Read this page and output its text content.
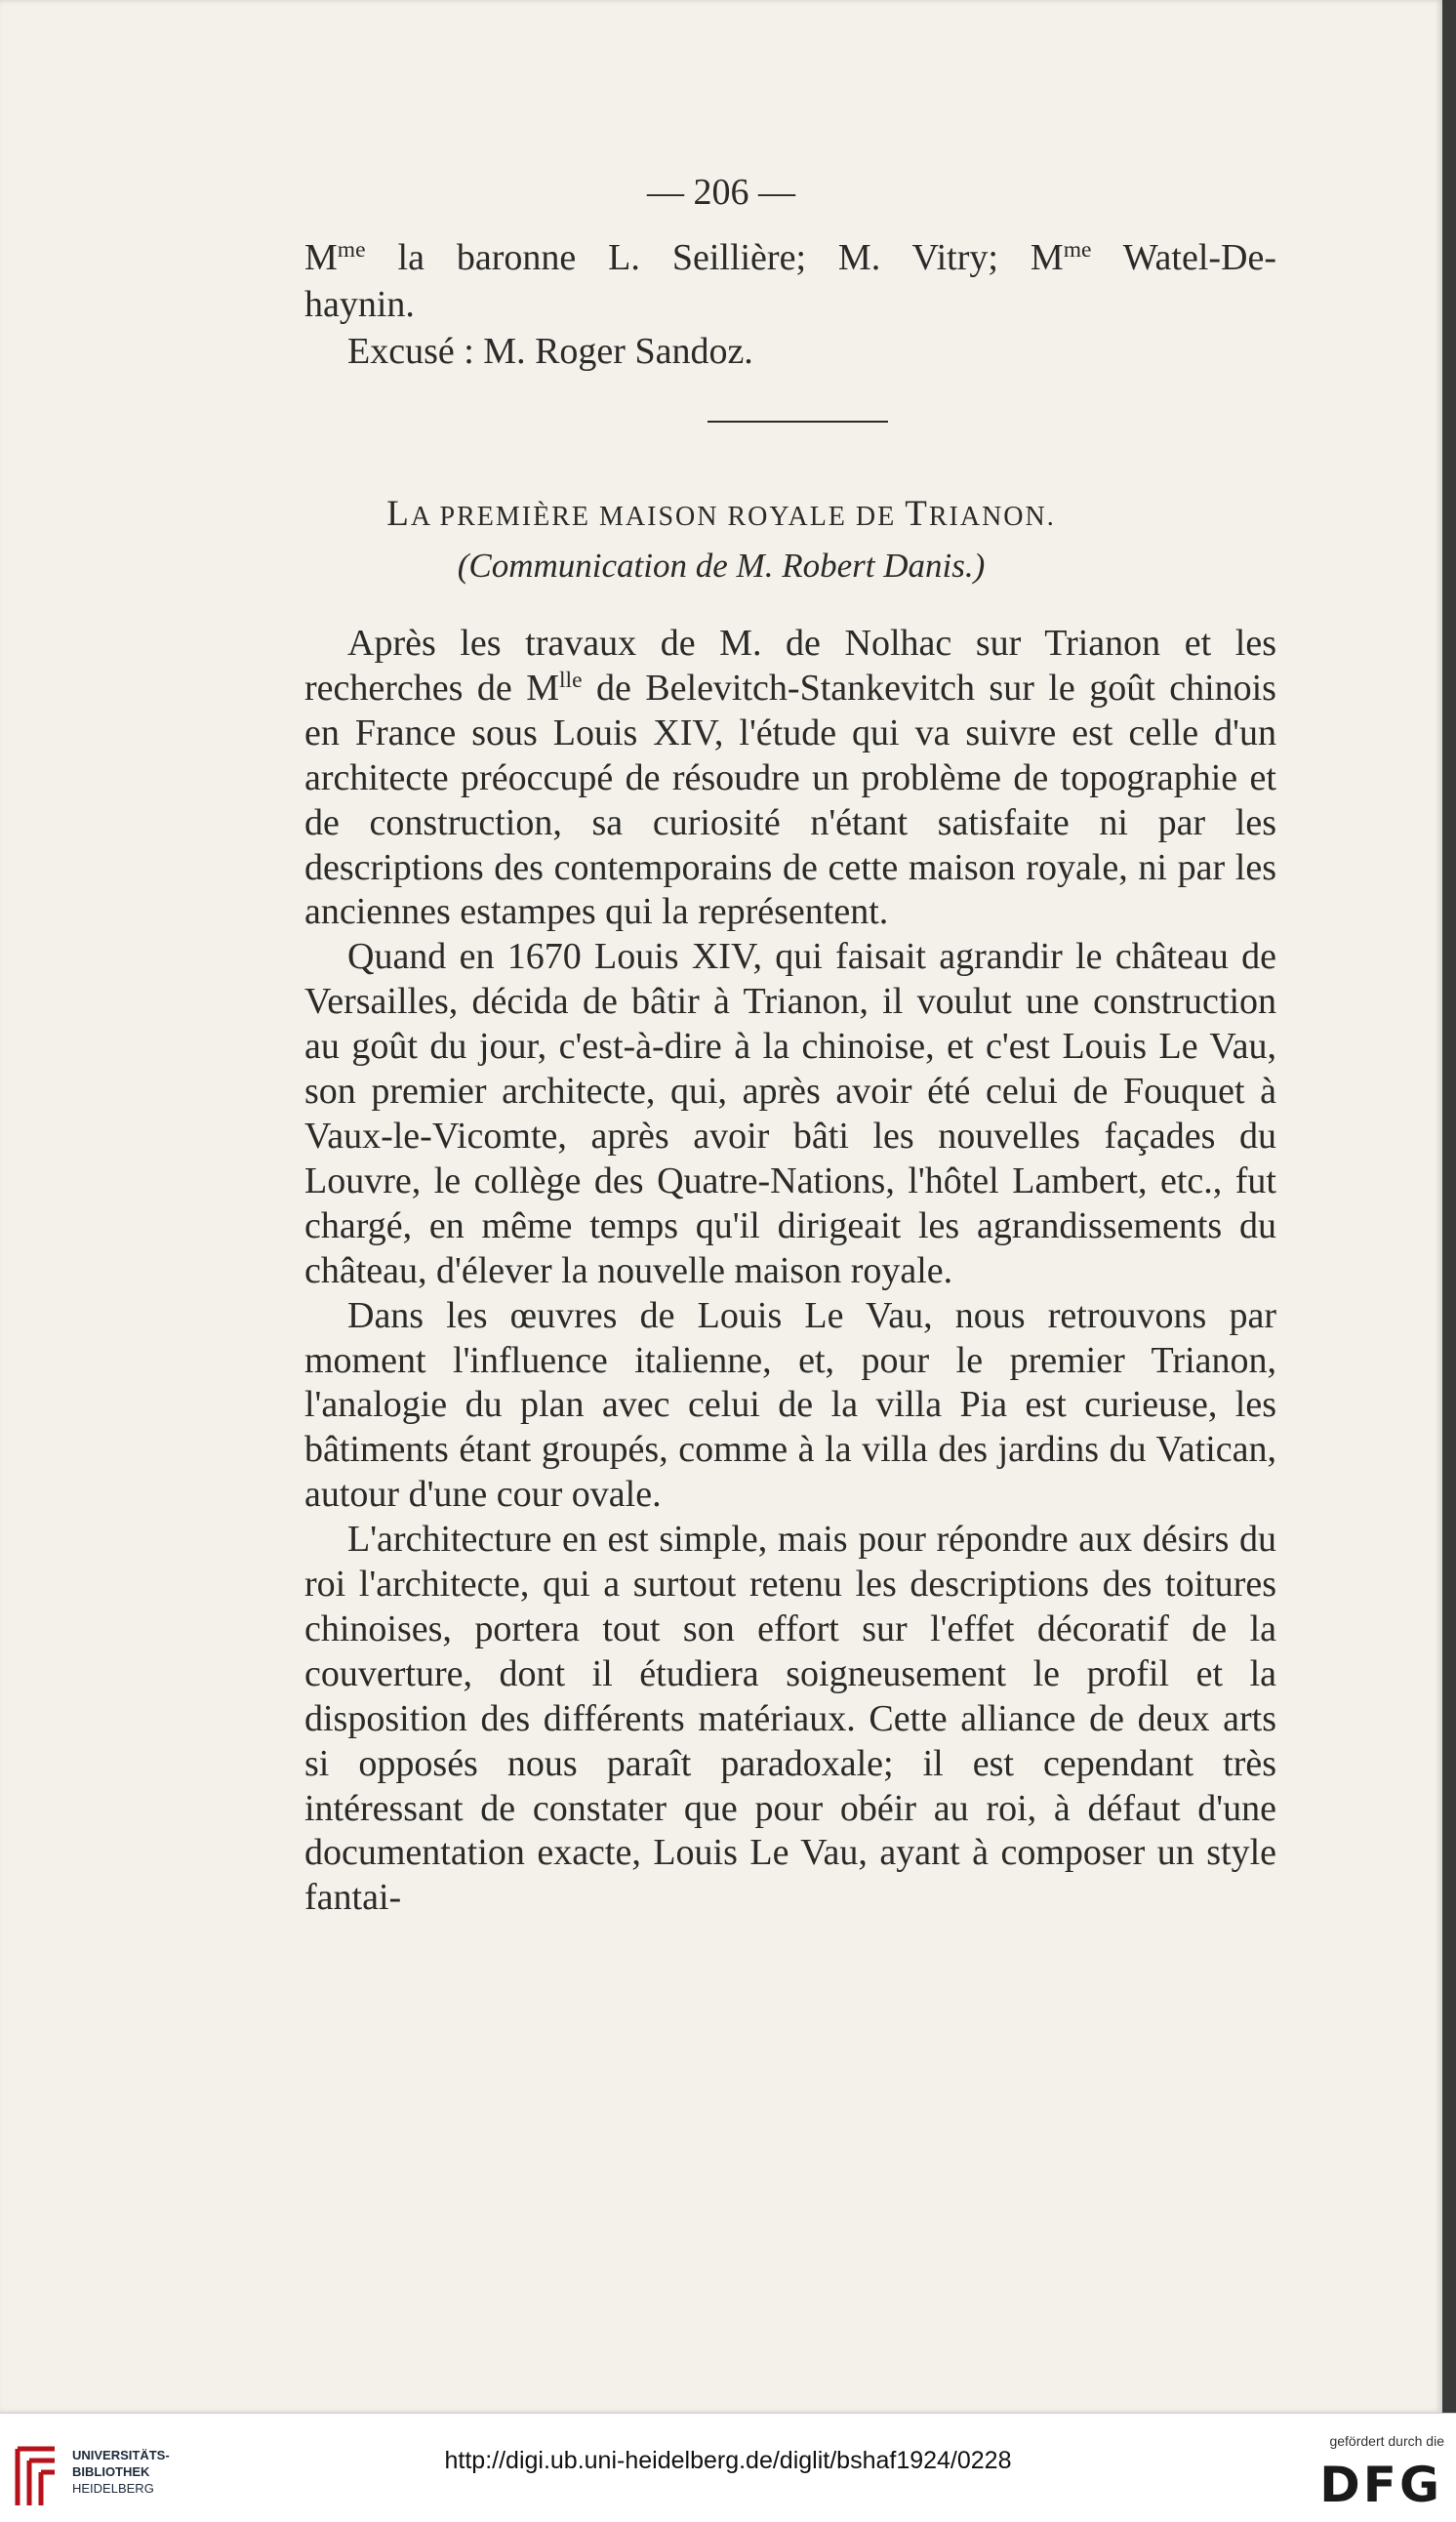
— 206 —

$M^{me}$ la baronne L. Seillière; M. Vitry; $M^{me}$ Watel-De-

haynin.

Excusé : M. Roger Sandoz.

LA PREMIÈRE MAISON ROYALE DE TRIANON.
(Communication de M. Robert Danis.)

Après les travaux de M. de Nolhac sur Trianon et les recherches de $M^{lle}$ de Belevitch-Stankevitch sur le goût chinois en France sous Louis XIV, l'étude qui va suivre est celle d'un architecte préoccupé de résoudre un problème de topographie et de construction, sa curiosité n'étant satisfaite ni par les descriptions des contemporains de cette maison royale, ni par les anciennes estampes qui la représentent.

Quand en 1670 Louis XIV, qui faisait agrandir le château de Versailles, décida de bâtir à Trianon, il voulut une construction au goût du jour, c'est-à-dire à la chinoise, et c'est Louis Le Vau, son premier architecte, qui, après avoir été celui de Fouquet à Vaux-le-Vicomte, après avoir bâti les nouvelles façades du Louvre, le collège des Quatre-Nations, l'hôtel Lambert, etc., fut chargé, en même temps qu'il dirigeait les agrandissements du château, d'élever la nouvelle maison royale.

Dans les œuvres de Louis Le Vau, nous retrouvons par moment l'influence italienne, et, pour le premier Trianon, l'analogie du plan avec celui de la villa Pia est curieuse, les bâtiments étant groupés, comme à la villa des jardins du Vatican, autour d'une cour ovale.

L'architecture en est simple, mais pour répondre aux désirs du roi l'architecte, qui a surtout retenu les descriptions des toitures chinoises, portera tout son effort sur l'effet décoratif de la couverture, dont il étudiera soigneusement le profil et la disposition des différents matériaux. Cette alliance de deux arts si opposés nous paraît paradoxale; il est cependant très intéressant de constater que pour obéir au roi, à défaut d'une documentation exacte, Louis Le Vau, ayant à composer un style fantai-

UNIVERSITÄTS-
BIBLIOTHEK
HEIDELBERG
http://digi.ub.uni-heidelberg.de/diglit/bshaf1924/0228
gefördert durch die
DFG
